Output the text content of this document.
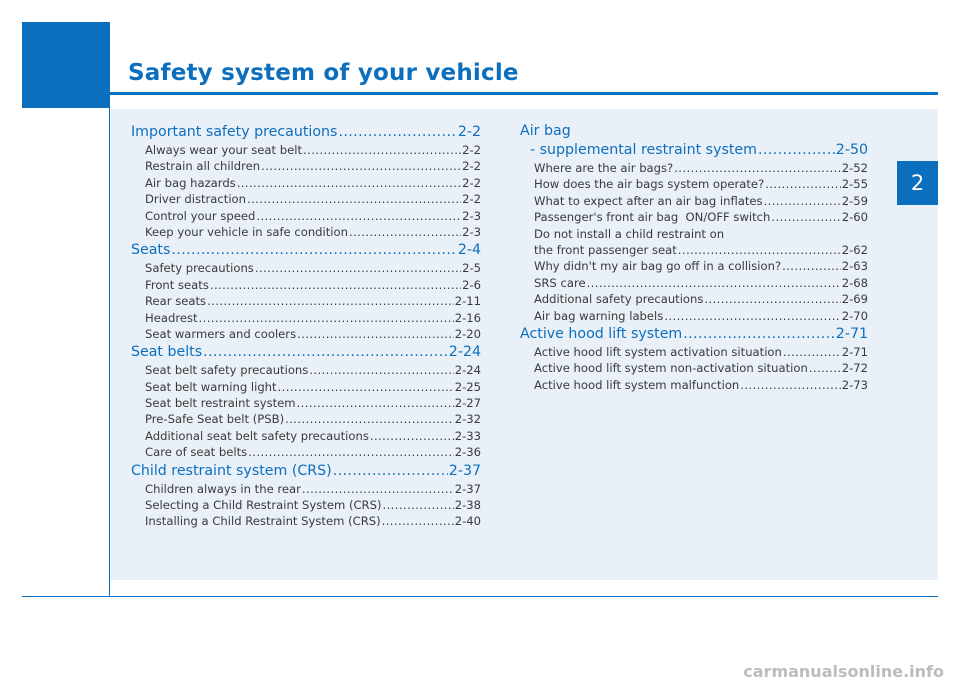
Safety system of your vehicle
2
Important safety precautions .....	2-2
Always wear your seat belt .....	2-2
Restrain all children .....	2-2
Air bag hazards .....	2-2
Driver distraction .....	2-2
Control your speed .....	2-3
Keep your vehicle in safe condition .....	2-3
Seats .....	2-4
Safety precautions .....	2-5
Front seats .....	2-6
Rear seats .....	2-11
Headrest .....	2-16
Seat warmers and coolers .....	2-20
Seat belts .....	2-24
Seat belt safety precautions .....	2-24
Seat belt warning light .....	2-25
Seat belt restraint system .....	2-27
Pre-Safe Seat belt (PSB) .....	2-32
Additional seat belt safety precautions .....	2-33
Care of seat belts .....	2-36
Child restraint system (CRS) .....	2-37
Children always in the rear .....	2-37
Selecting a Child Restraint System (CRS) .....	2-38
Installing a Child Restraint System (CRS) .....	2-40
Air bag
- supplemental restraint system .....	2-50
Where are the air bags? .....	2-52
How does the air bags system operate? .....	2-55
What to expect after an air bag inflates .....	2-59
Passenger's front air bag  ON/OFF switch .....	2-60
Do not install a child restraint on
the front passenger seat .....	2-62
Why didn't my air bag go off in a collision? .....	2-63
SRS care .....	2-68
Additional safety precautions .....	2-69
Air bag warning labels .....	2-70
Active hood lift system .....	2-71
Active hood lift system activation situation .....	2-71
Active hood lift system non-activation situation .....	2-72
Active hood lift system malfunction .....	2-73
carmanualsonline.info
